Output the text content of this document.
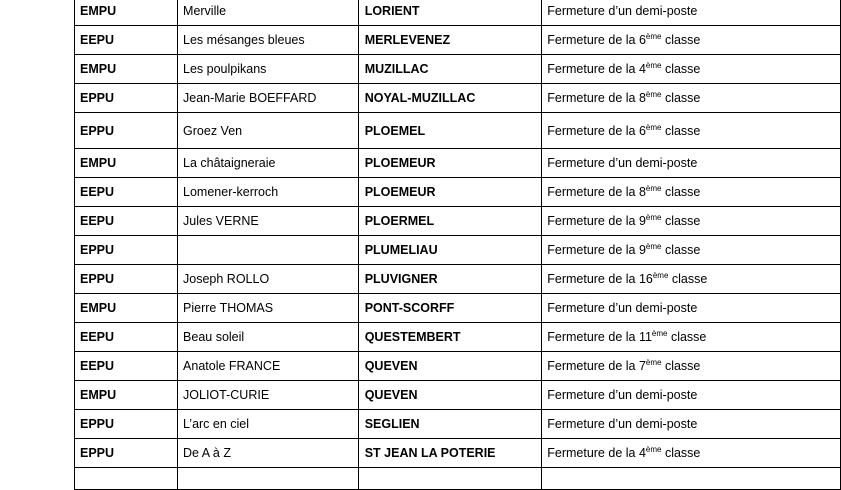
EMPU	Merville	LORIENT	Fermeture d’un demi-poste
EEPU	Les mésanges bleues	MERLEVENEZ	Fermeture de la 6ème classe
EMPU	Les poulpikans	MUZILLAC	Fermeture de la 4ème classe
EPPU	Jean-Marie BOEFFARD	NOYAL-MUZILLAC	Fermeture de la 8ème classe
EPPU	Groez Ven	PLOEMEL	Fermeture de la 6ème classe
EMPU	La châtaigneraie	PLOEMEUR	Fermeture d’un demi-poste
EEPU	Lomener-kerroch	PLOEMEUR	Fermeture de la 8ème classe
EEPU	Jules VERNE	PLOERMEL	Fermeture de la 9ème classe
EPPU		PLUMELIAU	Fermeture de la 9ème classe
EPPU	Joseph ROLLO	PLUVIGNER	Fermeture de la 16ème classe
EMPU	Pierre THOMAS	PONT-SCORFF	Fermeture d’un demi-poste
EEPU	Beau soleil	QUESTEMBERT	Fermeture de la 11ème classe
EEPU	Anatole FRANCE	QUEVEN	Fermeture de la 7ème classe
EMPU	JOLIOT-CURIE	QUEVEN	Fermeture d’un demi-poste
EPPU	L’arc en ciel	SEGLIEN	Fermeture d’un demi-poste
EPPU	De A à Z	ST JEAN LA POTERIE	Fermeture de la 4ème classe
